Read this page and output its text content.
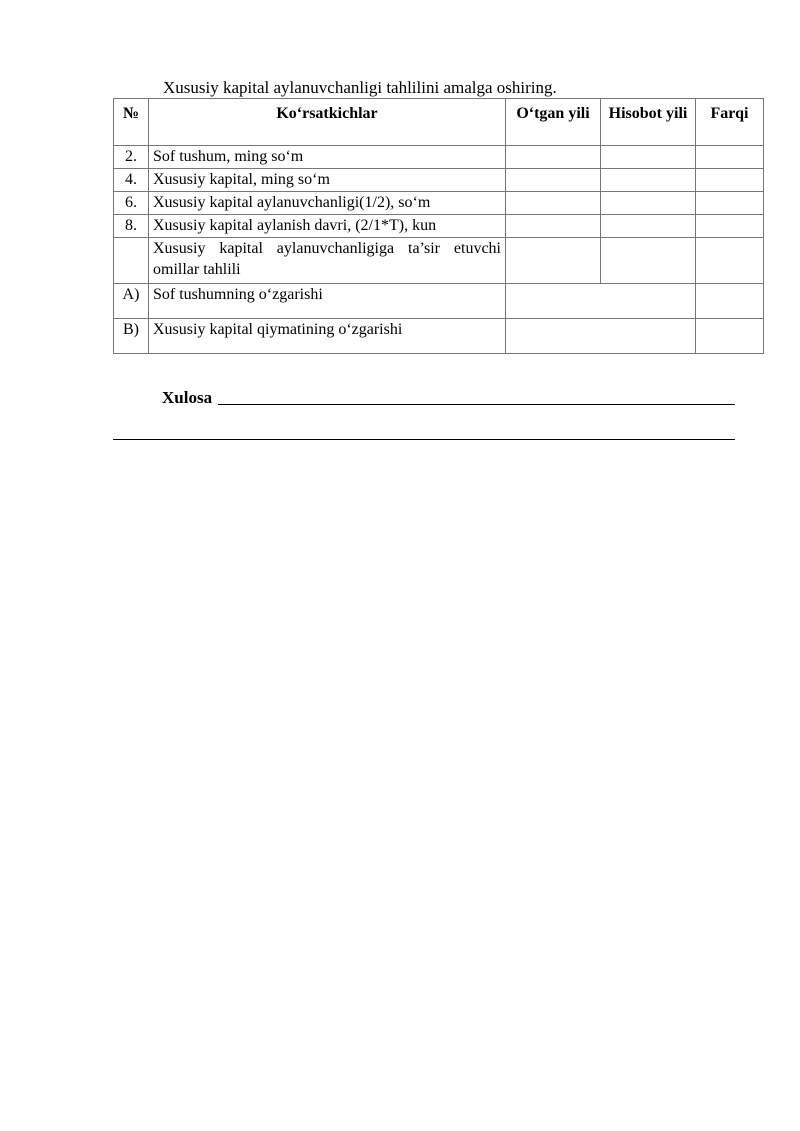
Xususiy kapital aylanuvchanligi tahlilini amalga oshiring.
№	Ko‘rsatkichlar	O‘tgan yili	Hisobot yili	Farqi
2.	Sof tushum, ming so‘m			
4.	Xususiy kapital, ming so‘m			
6.	Xususiy kapital aylanuvchanligi(1/2), so‘m			
8.	Xususiy kapital aylanish davri, (2/1*T), kun			
	Xususiy kapital aylanuvchanligiga ta’sir etuvchi omillar tahlili			
A)	Sof tushumning o‘zgarishi			
B)	Xususiy kapital qiymatining o‘zgarishi			
Xulosa
